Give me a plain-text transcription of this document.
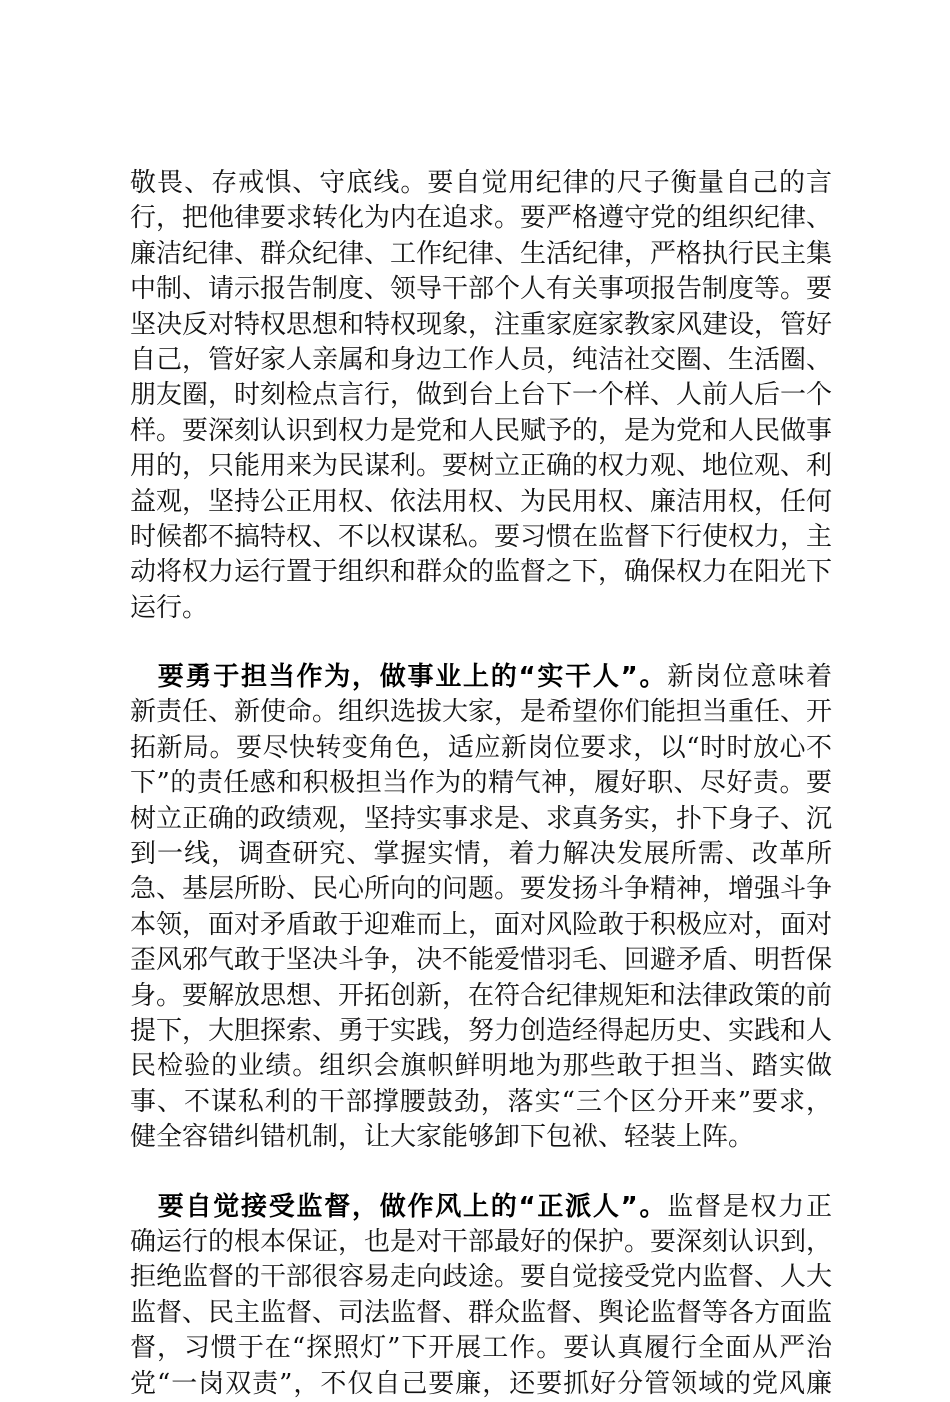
敬畏、存戒惧、守底线。要自觉用纪律的尺子衡量自己的言
行，把他律要求转化为内在追求。要严格遵守党的组织纪律、
廉洁纪律、群众纪律、工作纪律、生活纪律，严格执行民主集
中制、请示报告制度、领导干部个人有关事项报告制度等。要
坚决反对特权思想和特权现象，注重家庭家教家风建设，管好
自己，管好家人亲属和身边工作人员，纯洁社交圈、生活圈、
朋友圈，时刻检点言行，做到台上台下一个样、人前人后一个
样。要深刻认识到权力是党和人民赋予的，是为党和人民做事
用的，只能用来为民谋利。要树立正确的权力观、地位观、利
益观，坚持公正用权、依法用权、为民用权、廉洁用权，任何
时候都不搞特权、不以权谋私。要习惯在监督下行使权力，主
动将权力运行置于组织和群众的监督之下，确保权力在阳光下
运行。
　要勇于担当作为，做事业上的“实干人”。新岗位意味着
新责任、新使命。组织选拔大家，是希望你们能担当重任、开
拓新局。要尽快转变角色，适应新岗位要求，以“时时放心不
下”的责任感和积极担当作为的精气神，履好职、尽好责。要
树立正确的政绩观，坚持实事求是、求真务实，扑下身子、沉
到一线，调查研究、掌握实情，着力解决发展所需、改革所
急、基层所盼、民心所向的问题。要发扬斗争精神，增强斗争
本领，面对矛盾敢于迎难而上，面对风险敢于积极应对，面对
歪风邪气敢于坚决斗争，决不能爱惜羽毛、回避矛盾、明哲保
身。要解放思想、开拓创新，在符合纪律规矩和法律政策的前
提下，大胆探索、勇于实践，努力创造经得起历史、实践和人
民检验的业绩。组织会旗帜鲜明地为那些敢于担当、踏实做
事、不谋私利的干部撑腰鼓劲，落实“三个区分开来”要求，
健全容错纠错机制，让大家能够卸下包袱、轻装上阵。
　要自觉接受监督，做作风上的“正派人”。监督是权力正
确运行的根本保证，也是对干部最好的保护。要深刻认识到，
拒绝监督的干部很容易走向歧途。要自觉接受党内监督、人大
监督、民主监督、司法监督、群众监督、舆论监督等各方面监
督，习惯于在“探照灯”下开展工作。要认真履行全面从严治
党“一岗双责”，不仅自己要廉，还要抓好分管领域的党风廉
